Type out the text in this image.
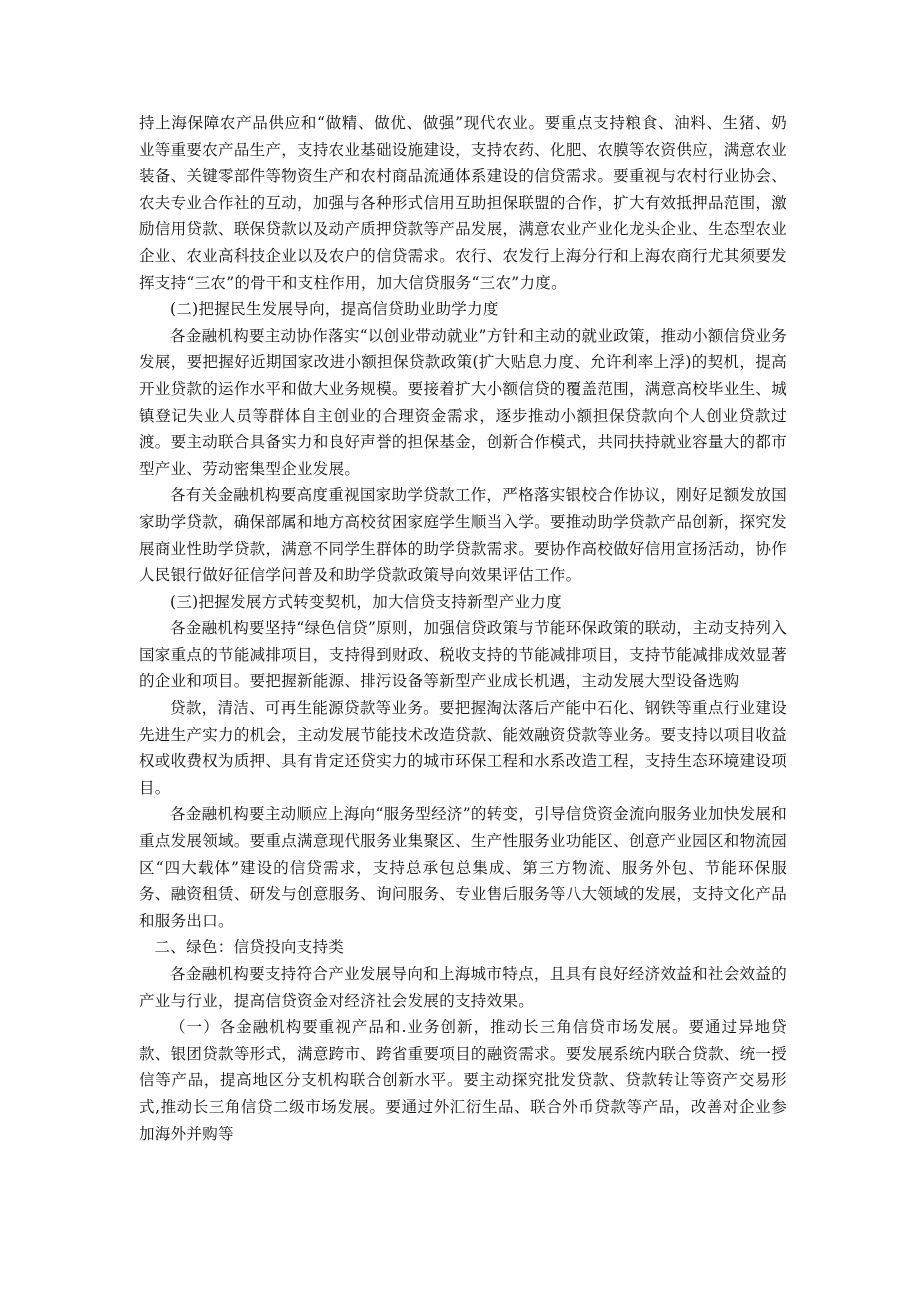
持上海保障农产品供应和“做精、做优、做强”现代农业。要重点支持粮食、油料、生猪、奶业等重要农产品生产，支持农业基础设施建设，支持农药、化肥、农膜等农资供应，满意农业装备、关键零部件等物资生产和农村商品流通体系建设的信贷需求。要重视与农村行业协会、农夫专业合作社的互动，加强与各种形式信用互助担保联盟的合作，扩大有效抵押品范围，激励信用贷款、联保贷款以及动产质押贷款等产品发展，满意农业产业化龙头企业、生态型农业企业、农业高科技企业以及农户的信贷需求。农行、农发行上海分行和上海农商行尤其须要发挥支持“三农”的骨干和支柱作用，加大信贷服务“三农”力度。

(二)把握民生发展导向，提高信贷助业助学力度

各金融机构要主动协作落实“以创业带动就业”方针和主动的就业政策，推动小额信贷业务发展，要把握好近期国家改进小额担保贷款政策(扩大贴息力度、允许利率上浮)的契机，提高开业贷款的运作水平和做大业务规模。要接着扩大小额信贷的覆盖范围，满意高校毕业生、城镇登记失业人员等群体自主创业的合理资金需求，逐步推动小额担保贷款向个人创业贷款过渡。要主动联合具备实力和良好声誉的担保基金，创新合作模式，共同扶持就业容量大的都市型产业、劳动密集型企业发展。

各有关金融机构要高度重视国家助学贷款工作，严格落实银校合作协议，刚好足额发放国家助学贷款，确保部属和地方高校贫困家庭学生顺当入学。要推动助学贷款产品创新，探究发展商业性助学贷款，满意不同学生群体的助学贷款需求。要协作高校做好信用宣扬活动，协作人民银行做好征信学问普及和助学贷款政策导向效果评估工作。

(三)把握发展方式转变契机，加大信贷支持新型产业力度

各金融机构要坚持“绿色信贷”原则，加强信贷政策与节能环保政策的联动，主动支持列入国家重点的节能减排项目，支持得到财政、税收支持的节能减排项目，支持节能减排成效显著的企业和项目。要把握新能源、排污设备等新型产业成长机遇，主动发展大型设备选购

贷款，清洁、可再生能源贷款等业务。要把握淘汰落后产能中石化、钢铁等重点行业建设先进生产实力的机会，主动发展节能技术改造贷款、能效融资贷款等业务。要支持以项目收益权或收费权为质押、具有肯定还贷实力的城市环保工程和水系改造工程，支持生态环境建设项目。

各金融机构要主动顺应上海向“服务型经济”的转变，引导信贷资金流向服务业加快发展和重点发展领域。要重点满意现代服务业集聚区、生产性服务业功能区、创意产业园区和物流园区“四大载体”建设的信贷需求，支持总承包总集成、第三方物流、服务外包、节能环保服务、融资租赁、研发与创意服务、询问服务、专业售后服务等八大领域的发展，支持文化产品和服务出口。

二、绿色：信贷投向支持类

各金融机构要支持符合产业发展导向和上海城市特点，且具有良好经济效益和社会效益的产业与行业，提高信贷资金对经济社会发展的支持效果。

（一）各金融机构要重视产品和.业务创新，推动长三角信贷市场发展。要通过异地贷款、银团贷款等形式，满意跨市、跨省重要项目的融资需求。要发展系统内联合贷款、统一授信等产品，提高地区分支机构联合创新水平。要主动探究批发贷款、贷款转让等资产交易形式,推动长三角信贷二级市场发展。要通过外汇衍生品、联合外币贷款等产品，改善对企业参加海外并购等
